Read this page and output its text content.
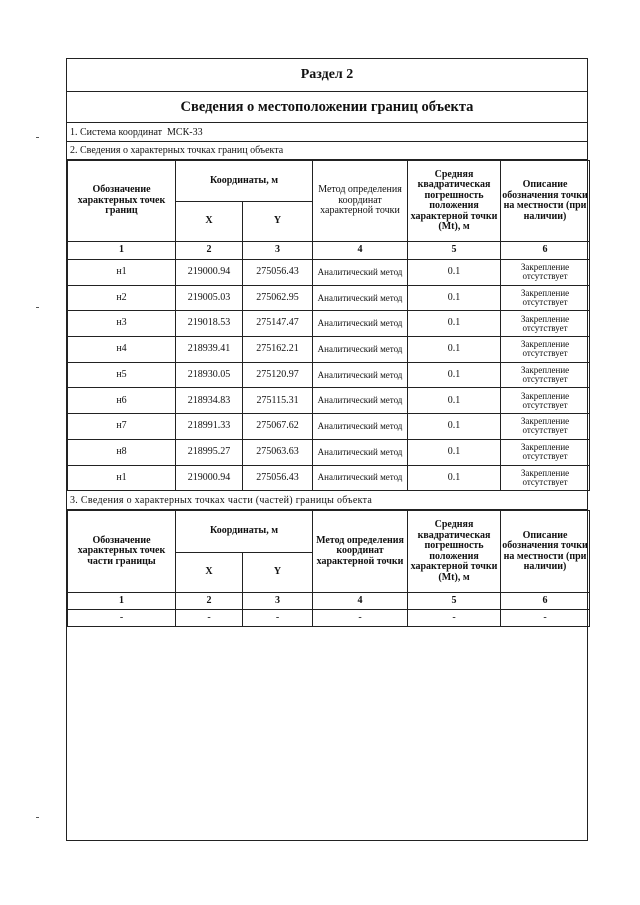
Раздел 2
Сведения о местоположении границ объекта
1. Система координат МСК-33
2. Сведения о характерных точках границ объекта
Обозначение характерных точек границ	Координаты, м		Метод определения координат характерной точки	Средняя квадратическая погрешность положения характерной точки (Mt), м	Описание обозначения точки на местности (при наличии)
	X	Y			
1	2	3	4	5	6
н1	219000.94	275056.43	Аналитический метод	0.1	Закрепление отсутствует
н2	219005.03	275062.95	Аналитический метод	0.1	Закрепление отсутствует
н3	219018.53	275147.47	Аналитический метод	0.1	Закрепление отсутствует
н4	218939.41	275162.21	Аналитический метод	0.1	Закрепление отсутствует
н5	218930.05	275120.97	Аналитический метод	0.1	Закрепление отсутствует
н6	218934.83	275115.31	Аналитический метод	0.1	Закрепление отсутствует
н7	218991.33	275067.62	Аналитический метод	0.1	Закрепление отсутствует
н8	218995.27	275063.63	Аналитический метод	0.1	Закрепление отсутствует
н1	219000.94	275056.43	Аналитический метод	0.1	Закрепление отсутствует
3. Сведения о характерных точках части (частей) границы объекта
Обозначение характерных точек части границы	Координаты, м		Метод определения координат характерной точки	Средняя квадратическая погрешность положения характерной точки (Mt), м	Описание обозначения точки на местности (при наличии)
	X	Y			
1	2	3	4	5	6
-	-	-	-	-	-
